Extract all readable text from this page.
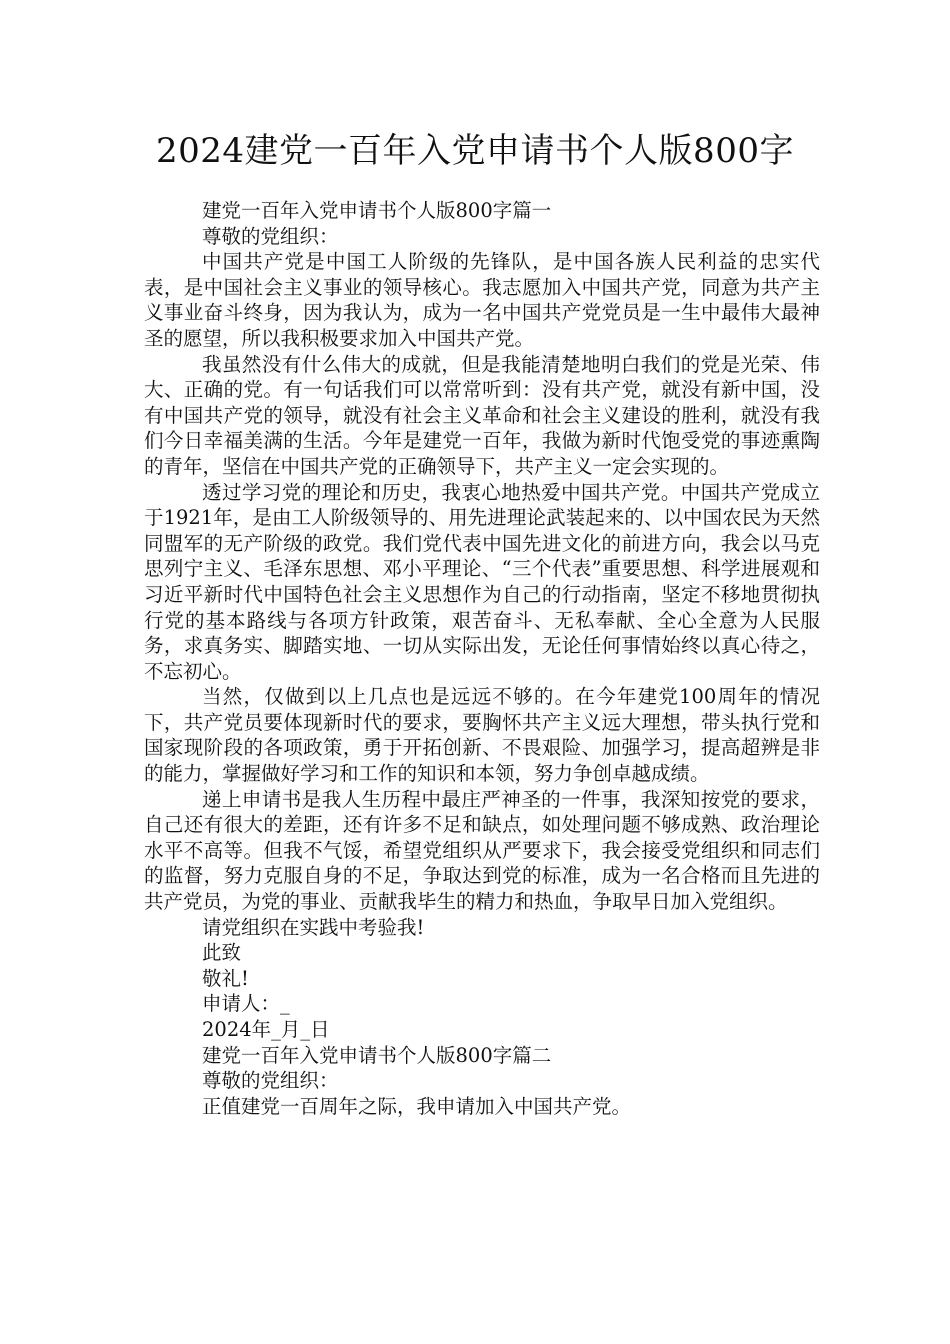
2024建党一百年入党申请书个人版800字
建党一百年入党申请书个人版800字篇一
尊敬的党组织：

中国共产党是中国工人阶级的先锋队，是中国各族人民利益的忠实代表，是中国社会主义事业的领导核心。我志愿加入中国共产党，同意为共产主义事业奋斗终身，因为我认为，成为一名中国共产党党员是一生中最伟大最神圣的愿望，所以我积极要求加入中国共产党。

我虽然没有什么伟大的成就，但是我能清楚地明白我们的党是光荣、伟大、正确的党。有一句话我们可以常常听到：没有共产党，就没有新中国，没有中国共产党的领导，就没有社会主义革命和社会主义建设的胜利，就没有我们今日幸福美满的生活。今年是建党一百年，我做为新时代饱受党的事迹熏陶的青年，坚信在中国共产党的正确领导下，共产主义一定会实现的。

透过学习党的理论和历史，我衷心地热爱中国共产党。中国共产党成立于1921年，是由工人阶级领导的、用先进理论武装起来的、以中国农民为天然同盟军的无产阶级的政党。我们党代表中国先进文化的前进方向，我会以马克思列宁主义、毛泽东思想、邓小平理论、“三个代表”重要思想、科学进展观和习近平新时代中国特色社会主义思想作为自己的行动指南，坚定不移地贯彻执行党的基本路线与各项方针政策，艰苦奋斗、无私奉献、全心全意为人民服务，求真务实、脚踏实地、一切从实际出发，无论任何事情始终以真心待之，不忘初心。

当然，仅做到以上几点也是远远不够的。在今年建党100周年的情况下，共产党员要体现新时代的要求，要胸怀共产主义远大理想，带头执行党和国家现阶段的各项政策，勇于开拓创新、不畏艰险、加强学习，提高超辨是非的能力，掌握做好学习和工作的知识和本领，努力争创卓越成绩。

递上申请书是我人生历程中最庄严神圣的一件事，我深知按党的要求，自己还有很大的差距，还有许多不足和缺点，如处理问题不够成熟、政治理论水平不高等。但我不气馁，希望党组织从严要求下，我会接受党组织和同志们的监督，努力克服自身的不足，争取达到党的标准，成为一名合格而且先进的共产党员，为党的事业、贡献我毕生的精力和热血，争取早日加入党组织。

请党组织在实践中考验我!
此致
敬礼!
申请人：_
2024年_月_日
建党一百年入党申请书个人版800字篇二
尊敬的党组织：
正值建党一百周年之际，我申请加入中国共产党。
